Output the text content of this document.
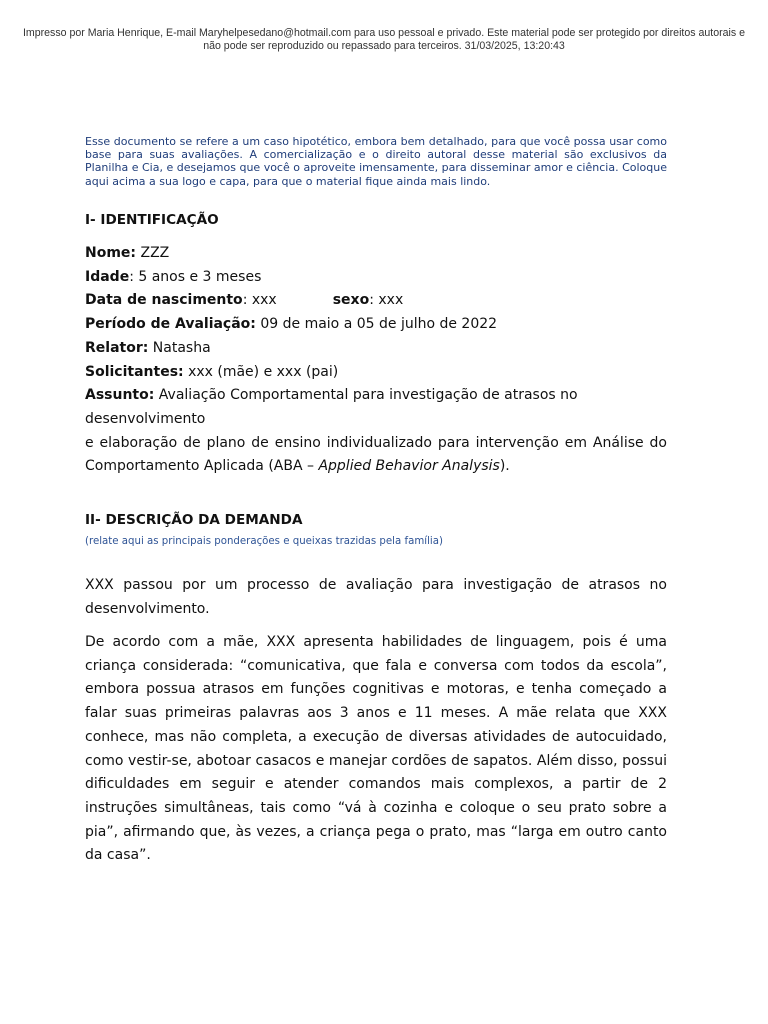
Impresso por Maria Henrique, E-mail Maryhelpesedano@hotmail.com para uso pessoal e privado. Este material pode ser protegido por direitos autorais e não pode ser reproduzido ou repassado para terceiros. 31/03/2025, 13:20:43
Esse documento se refere a um caso hipotético, embora bem detalhado, para que você possa usar como base para suas avaliações. A comercialização e o direito autoral desse material são exclusivos da Planilha e Cia, e desejamos que você o aproveite imensamente, para disseminar amor e ciência. Coloque aqui acima a sua logo e capa, para que o material fique ainda mais lindo.
I- IDENTIFICAÇÃO
Nome: ZZZ
Idade: 5 anos e 3 meses
Data de nascimento: xxx	sexo: xxx
Período de Avaliação: 09 de maio a 05 de julho de 2022
Relator: Natasha
Solicitantes: xxx (mãe) e xxx (pai)
Assunto: Avaliação Comportamental para investigação de atrasos no desenvolvimento
e elaboração de plano de ensino individualizado para intervenção em Análise do Comportamento Aplicada (ABA – Applied Behavior Analysis).
II- DESCRIÇÃO DA DEMANDA
(relate aqui as principais ponderações e queixas trazidas pela família)
XXX passou por um processo de avaliação para investigação de atrasos no desenvolvimento.
De acordo com a mãe, XXX apresenta habilidades de linguagem, pois é uma criança considerada: “comunicativa, que fala e conversa com todos da escola”, embora possua atrasos em funções cognitivas e motoras, e tenha começado a falar suas primeiras palavras aos 3 anos e 11 meses. A mãe relata que XXX conhece, mas não completa, a execução de diversas atividades de autocuidado, como vestir-se, abotoar casacos e manejar cordões de sapatos. Além disso, possui dificuldades em seguir e atender comandos mais complexos, a partir de 2 instruções simultâneas, tais como “vá à cozinha e coloque o seu prato sobre a pia”, afirmando que, às vezes, a criança pega o prato, mas “larga em outro canto da casa”.
